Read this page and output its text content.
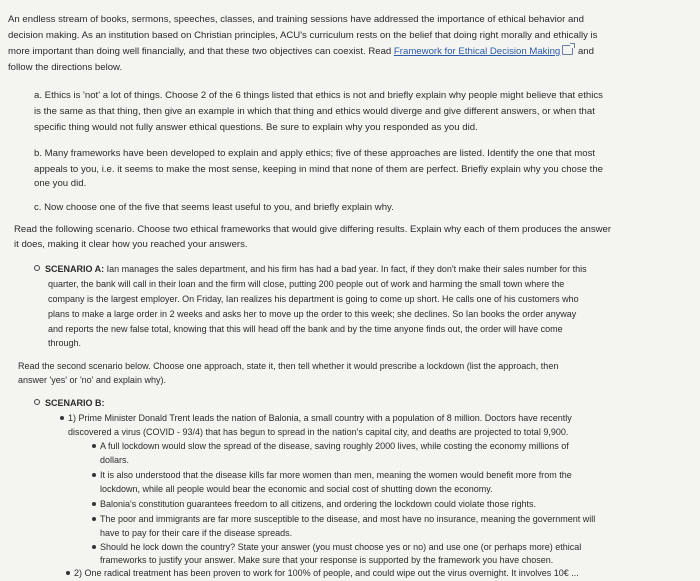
An endless stream of books, sermons, speeches, classes, and training sessions have addressed the importance of ethical behavior and

decision making. As an institution based on Christian principles, ACU's curriculum rests on the belief that doing right morally and ethically is

more important than doing well financially, and that these two objectives can coexist. Read Framework for Ethical Decision Making and

follow the directions below.

a. Ethics is 'not' a lot of things. Choose 2 of the 6 things listed that ethics is not and briefly explain why people might believe that ethics

is the same as that thing, then give an example in which that thing and ethics would diverge and give different answers, or when that

specific thing would not fully answer ethical questions. Be sure to explain why you responded as you did.

b. Many frameworks have been developed to explain and apply ethics; five of these approaches are listed. Identify the one that most

appeals to you, i.e. it seems to make the most sense, keeping in mind that none of them are perfect. Briefly explain why you chose the

one you did.

c. Now choose one of the five that seems least useful to you, and briefly explain why.

Read the following scenario. Choose two ethical frameworks that would give differing results. Explain why each of them produces the answer

it does, making it clear how you reached your answers.

SCENARIO A: Ian manages the sales department, and his firm has had a bad year. In fact, if they don't make their sales number for this

quarter, the bank will call in their loan and the firm will close, putting 200 people out of work and harming the small town where the

company is the largest employer. On Friday, Ian realizes his department is going to come up short. He calls one of his customers who

plans to make a large order in 2 weeks and asks her to move up the order to this week; she declines. So Ian books the order anyway

and reports the new false total, knowing that this will head off the bank and by the time anyone finds out, the order will have come

through.

Read the second scenario below. Choose one approach, state it, then tell whether it would prescribe a lockdown (list the approach, then

answer 'yes' or 'no' and explain why).

SCENARIO B:

1) Prime Minister Donald Trent leads the nation of Balonia, a small country with a population of 8 million. Doctors have recently

discovered a virus (COVID - 93/4) that has begun to spread in the nation's capital city, and deaths are projected to total 9,900.

A full lockdown would slow the spread of the disease, saving roughly 2000 lives, while costing the economy millions of

dollars.

It is also understood that the disease kills far more women than men, meaning the women would benefit more from the

lockdown, while all people would bear the economic and social cost of shutting down the economy.

Balonia's constitution guarantees freedom to all citizens, and ordering the lockdown could violate those rights.

The poor and immigrants are far more susceptible to the disease, and most have no insurance, meaning the government will

have to pay for their care if the disease spreads.

Should he lock down the country? State your answer (you must choose yes or no) and use one (or perhaps more) ethical

frameworks to justify your answer. Make sure that your response is supported by the framework you have chosen.

2) One radical treatment has been proven to work for 100% of people, and could wipe out the virus overnight. It involves 10€ ...
